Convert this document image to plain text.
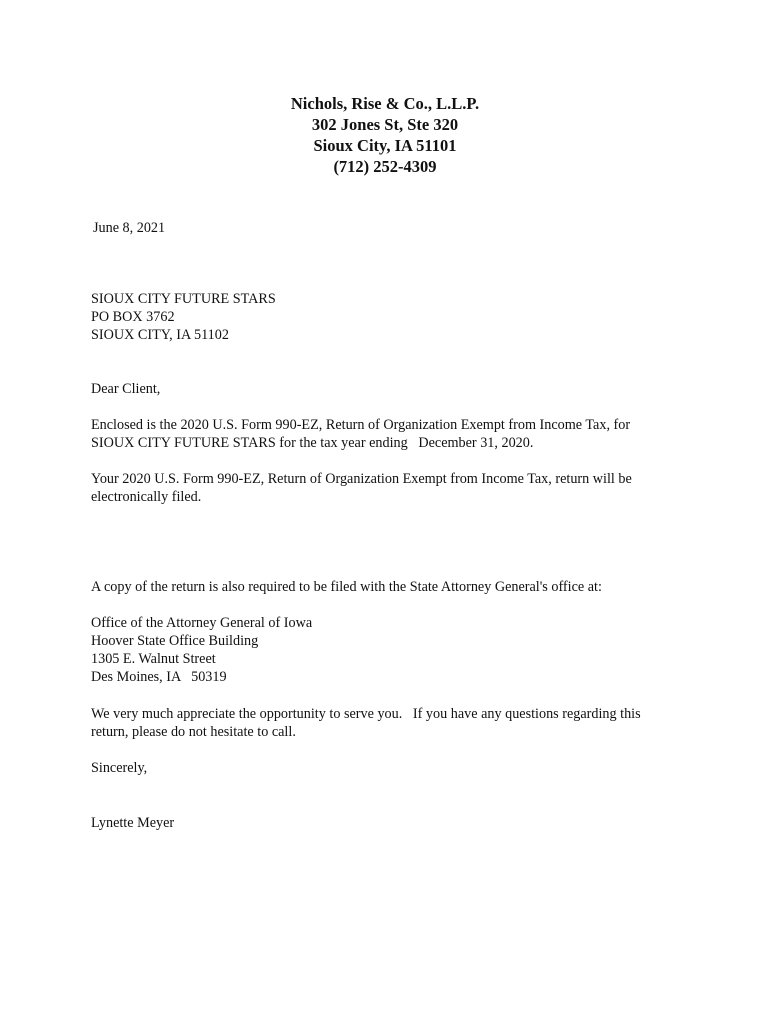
Nichols, Rise & Co., L.L.P.
302 Jones St, Ste 320
Sioux City, IA 51101
(712) 252-4309
June 8, 2021
SIOUX CITY FUTURE STARS
PO BOX 3762
SIOUX CITY, IA 51102
Dear Client,
Enclosed is the 2020 U.S. Form 990-EZ, Return of Organization Exempt from Income Tax, for
SIOUX CITY FUTURE STARS for the tax year ending   December 31, 2020.
Your 2020 U.S. Form 990-EZ, Return of Organization Exempt from Income Tax, return will be
electronically filed.
A copy of the return is also required to be filed with the State Attorney General's office at:
Office of the Attorney General of Iowa
Hoover State Office Building
1305 E. Walnut Street
Des Moines, IA   50319
We very much appreciate the opportunity to serve you.   If you have any questions regarding this
return, please do not hesitate to call.
Sincerely,
Lynette Meyer
